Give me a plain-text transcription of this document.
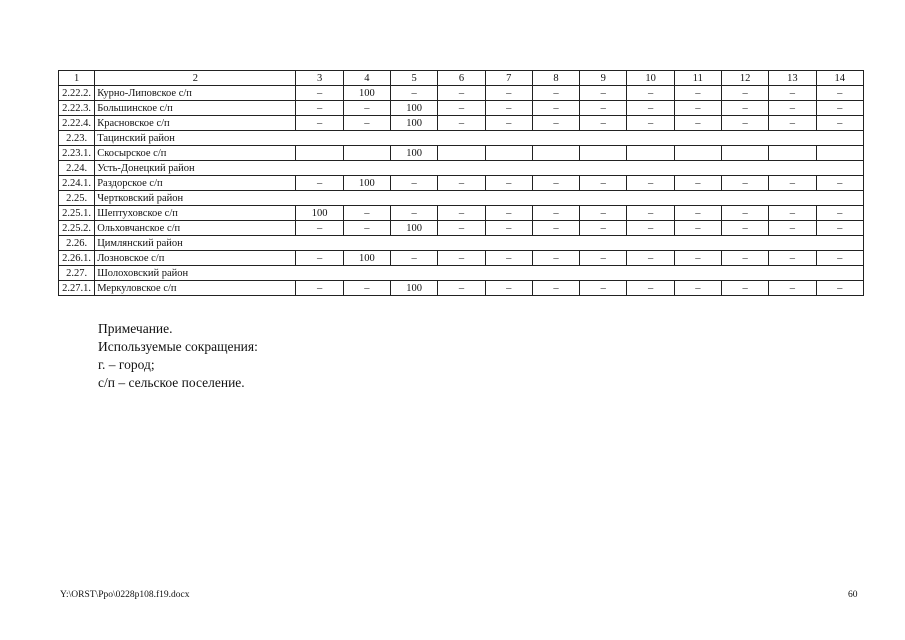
1	2	3	4	5	6	7	8	9	10	11	12	13	14
2.22.2.	Курно-Липовское с/п	–	100	–	–	–	–	–	–	–	–	–	–
2.22.3.	Большинское с/п	–	–	100	–	–	–	–	–	–	–	–	–
2.22.4.	Красновское с/п	–	–	100	–	–	–	–	–	–	–	–	–
2.23.	Тацинский район												
2.23.1.	Скосырское с/п			100									
2.24.	Усть-Донецкий район												
2.24.1.	Раздорское с/п	–	100	–	–	–	–	–	–	–	–	–	–
2.25.	Чертковский район												
2.25.1.	Шептуховское с/п	100	–	–	–	–	–	–	–	–	–	–	–
2.25.2.	Ольховчанское с/п	–	–	100	–	–	–	–	–	–	–	–	–
2.26.	Цимлянский район												
2.26.1.	Лозновское с/п	–	100	–	–	–	–	–	–	–	–	–	–
2.27.	Шолоховский район												
2.27.1.	Меркуловское с/п	–	–	100	–	–	–	–	–	–	–	–	–
Примечание.
Используемые сокращения:
г. – город;
с/п – сельское поселение.
Y:\ORST\Ppo\0228p108.f19.docx	60
